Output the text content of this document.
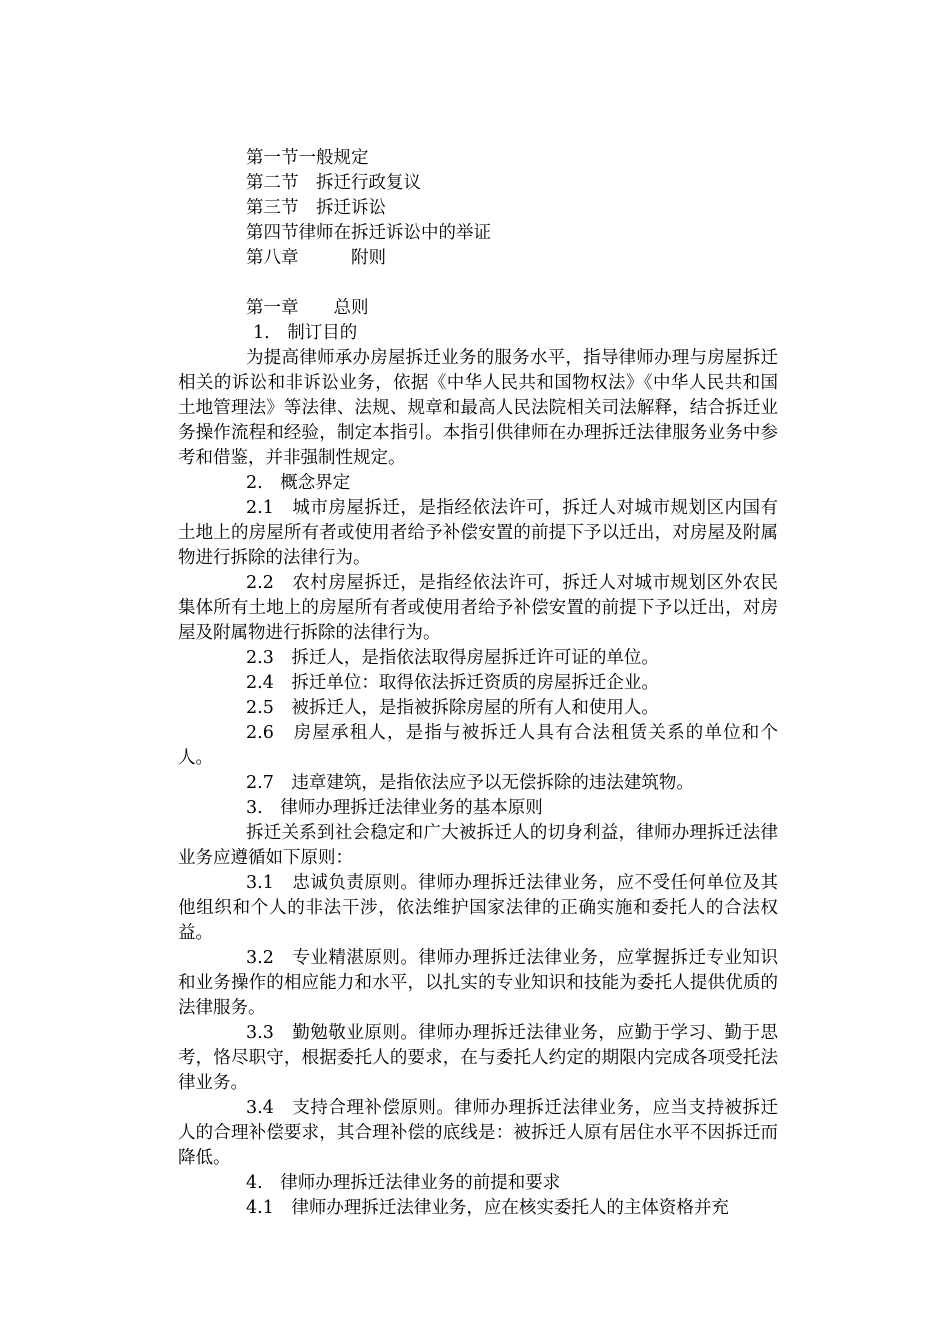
第一节一般规定
第二节　拆迁行政复议
第三节　拆迁诉讼
第四节律师在拆迁诉讼中的举证
第八章　　　附则
第一章　　总则
1.　制订目的
为提高律师承办房屋拆迁业务的服务水平，指导律师办理与房屋拆迁相关的诉讼和非诉讼业务，依据《中华人民共和国物权法》《中华人民共和国土地管理法》等法律、法规、规章和最高人民法院相关司法解释，结合拆迁业务操作流程和经验，制定本指引。本指引供律师在办理拆迁法律服务业务中参考和借鉴，并非强制性规定。
2.　概念界定
2.1　城市房屋拆迁，是指经依法许可，拆迁人对城市规划区内国有土地上的房屋所有者或使用者给予补偿安置的前提下予以迁出，对房屋及附属物进行拆除的法律行为。
2.2　农村房屋拆迁，是指经依法许可，拆迁人对城市规划区外农民集体所有土地上的房屋所有者或使用者给予补偿安置的前提下予以迁出，对房屋及附属物进行拆除的法律行为。
2.3　拆迁人，是指依法取得房屋拆迁许可证的单位。
2.4　拆迁单位：取得依法拆迁资质的房屋拆迁企业。
2.5　被拆迁人，是指被拆除房屋的所有人和使用人。
2.6　房屋承租人，是指与被拆迁人具有合法租赁关系的单位和个人。
2.7　违章建筑，是指依法应予以无偿拆除的违法建筑物。
3.　律师办理拆迁法律业务的基本原则
拆迁关系到社会稳定和广大被拆迁人的切身利益，律师办理拆迁法律业务应遵循如下原则：
3.1　忠诚负责原则。律师办理拆迁法律业务，应不受任何单位及其他组织和个人的非法干涉，依法维护国家法律的正确实施和委托人的合法权益。
3.2　专业精湛原则。律师办理拆迁法律业务，应掌握拆迁专业知识和业务操作的相应能力和水平，以扎实的专业知识和技能为委托人提供优质的法律服务。
3.3　勤勉敬业原则。律师办理拆迁法律业务，应勤于学习、勤于思考，恪尽职守，根据委托人的要求，在与委托人约定的期限内完成各项受托法律业务。
3.4　支持合理补偿原则。律师办理拆迁法律业务，应当支持被拆迁人的合理补偿要求，其合理补偿的底线是：被拆迁人原有居住水平不因拆迁而降低。
4.　律师办理拆迁法律业务的前提和要求
4.1　律师办理拆迁法律业务，应在核实委托人的主体资格并充
